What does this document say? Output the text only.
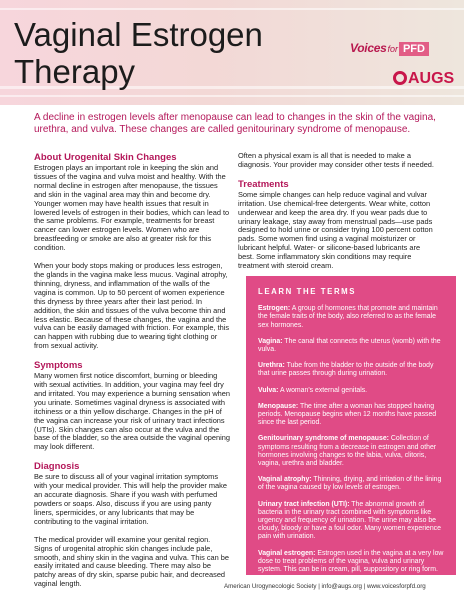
Vaginal Estrogen
Therapy
Voicesfor PFD
AUGS

A decline in estrogen levels after menopause can lead to changes in the skin of the vagina, urethra, and vulva. These changes are called genitourinary syndrome of menopause.

About Urogenital Skin Changes

Estrogen plays an important role in keeping the skin and tissues of the vagina and vulva moist and healthy. With the normal decline in estrogen after menopause, the tissues and skin in the vaginal area may thin and become dry. Younger women may have health issues that result in lowered levels of estrogen in their bodies, which can lead to the same problems. For example, treatments for breast cancer can lower estrogen levels. Women who are breastfeeding or smoke are also at greater risk for this condition.

When your body stops making or produces less estrogen, the glands in the vagina make less mucus. Vaginal atrophy, thinning, dryness, and inflammation of the walls of the vagina is common. Up to 50 percent of women experience this dryness by three years after their last period. In addition, the skin and tissues of the vulva become thin and less elastic. Because of these changes, the vagina and the vulva can be easily damaged with friction. For example, this can happen with rubbing due to wearing tight clothing or from sexual activity.

Symptoms

Many women first notice discomfort, burning or bleeding with sexual activities. In addition, your vagina may feel dry and irritated. You may experience a burning sensation when you urinate. Sometimes vaginal dryness is associated with itchiness or a thin yellow discharge. Changes in the pH of the vagina can increase your risk of urinary tract infections (UTIs). Skin changes can also occur at the vulva and the base of the bladder, so the area outside the vaginal opening may look different.

Diagnosis

Be sure to discuss all of your vaginal irritation symptoms with your medical provider. This will help the provider make an accurate diagnosis. Share if you wash with perfumed powders or soaps. Also, discuss if you are using panty liners, spermicides, or any lubricants that may be contributing to the vaginal irritation.

The medical provider will examine your genital region. Signs of urogenital atrophic skin changes include pale, smooth, and shiny skin in the vagina and vulva. This can be easily irritated and cause bleeding. There may also be patchy areas of dry skin, sparse pubic hair, and decreased vaginal length.

Often a physical exam is all that is needed to make a diagnosis. Your provider may consider other tests if needed.

Treatments

Some simple changes can help reduce vaginal and vulvar irritation. Use chemical-free detergents. Wear white, cotton underwear and keep the area dry. If you wear pads due to urinary leakage, stay away from menstrual pads—use pads designed to hold urine or consider trying 100 percent cotton pads. Some women find using a vaginal moisturizer or lubricant helpful. Water- or silicone-based lubricants are best. Some inflammatory skin conditions may require treatment with steroid cream.

LEARN THE TERMS

Estrogen: A group of hormones that promote and maintain the female traits of the body, also referred to as the female sex hormones.

Vagina: The canal that connects the uterus (womb) with the vulva.

Urethra: Tube from the bladder to the outside of the body that urine passes through during urination.

Vulva: A woman's external genitals.

Menopause: The time after a woman has stopped having periods. Menopause begins when 12 months have passed since the last period.

Genitourinary syndrome of menopause: Collection of symptoms resulting from a decrease in estrogen and other hormones involving changes to the labia, vulva, clitoris, vagina, urethra and bladder.

Vaginal atrophy: Thinning, drying, and irritation of the lining of the vagina caused by low levels of estrogen.

Urinary tract infection (UTI): The abnormal growth of bacteria in the urinary tract combined with symptoms like urgency and frequency of urination. The urine may also be cloudy, bloody or have a foul odor. Many women experience pain with urination.

Vaginal estrogen: Estrogen used in the vagina at a very low dose to treat problems of the vagina, vulva and urinary system. This can be in cream, pill, suppository or ring form.

American Urogynecologic Society | info@augs.org | www.voicesforpfd.org
